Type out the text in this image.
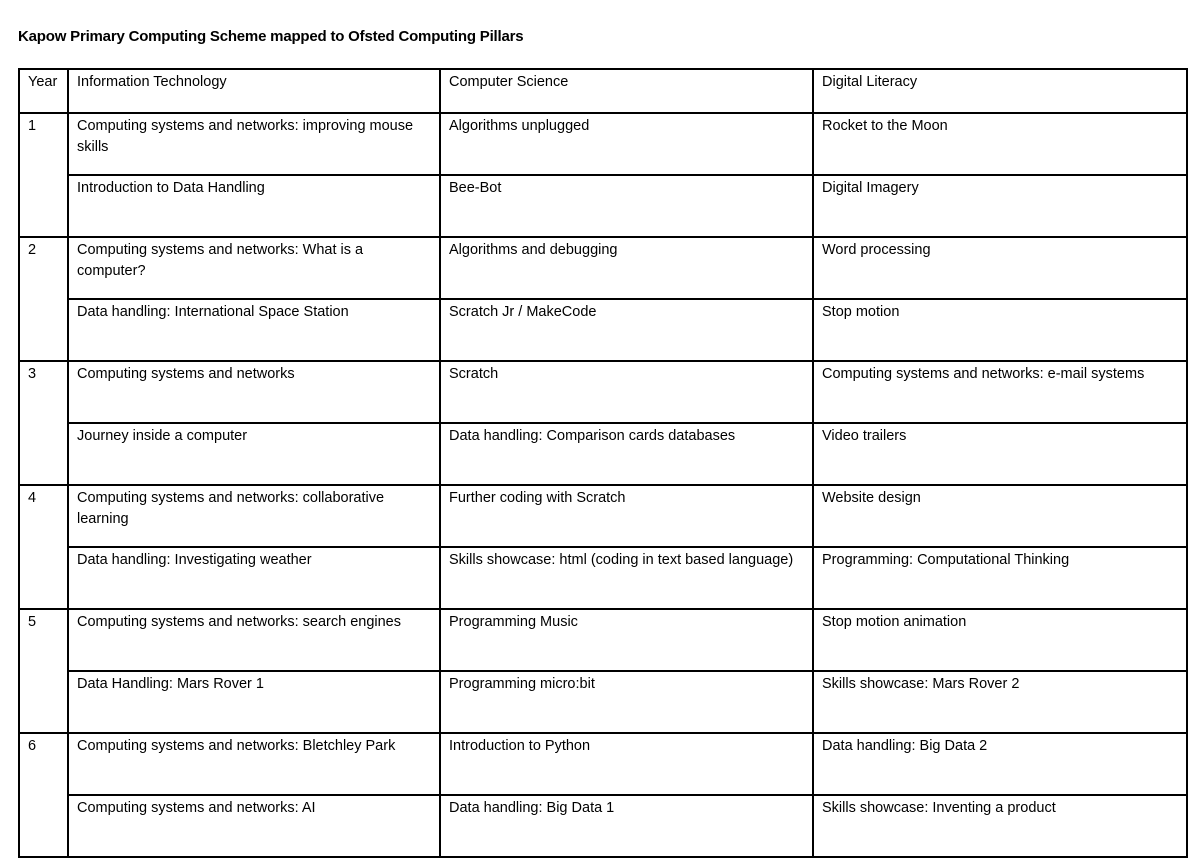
Kapow Primary Computing Scheme mapped to Ofsted Computing Pillars
Year	Information Technology	Computer Science	Digital Literacy
1	Computing systems and networks: improving mouse skills	Algorithms unplugged	Rocket to the Moon
	Introduction to Data Handling	Bee-Bot	Digital Imagery
2	Computing systems and networks: What is a computer?	Algorithms and debugging	Word processing
	Data handling: International Space Station	Scratch Jr / MakeCode	Stop motion
3	Computing systems and networks	Scratch	Computing systems and networks: e-mail systems
	Journey inside a computer	Data handling: Comparison cards databases	Video trailers
4	Computing systems and networks: collaborative learning	Further coding with Scratch	Website design
	Data handling: Investigating weather	Skills showcase: html (coding in text based language)	Programming: Computational Thinking
5	Computing systems and networks: search engines	Programming Music	Stop motion animation
	Data Handling: Mars Rover 1	Programming micro:bit	Skills showcase: Mars Rover 2
6	Computing systems and networks: Bletchley Park	Introduction to Python	Data handling: Big Data 2
	Computing systems and networks: AI	Data handling: Big Data 1	Skills showcase: Inventing a product
